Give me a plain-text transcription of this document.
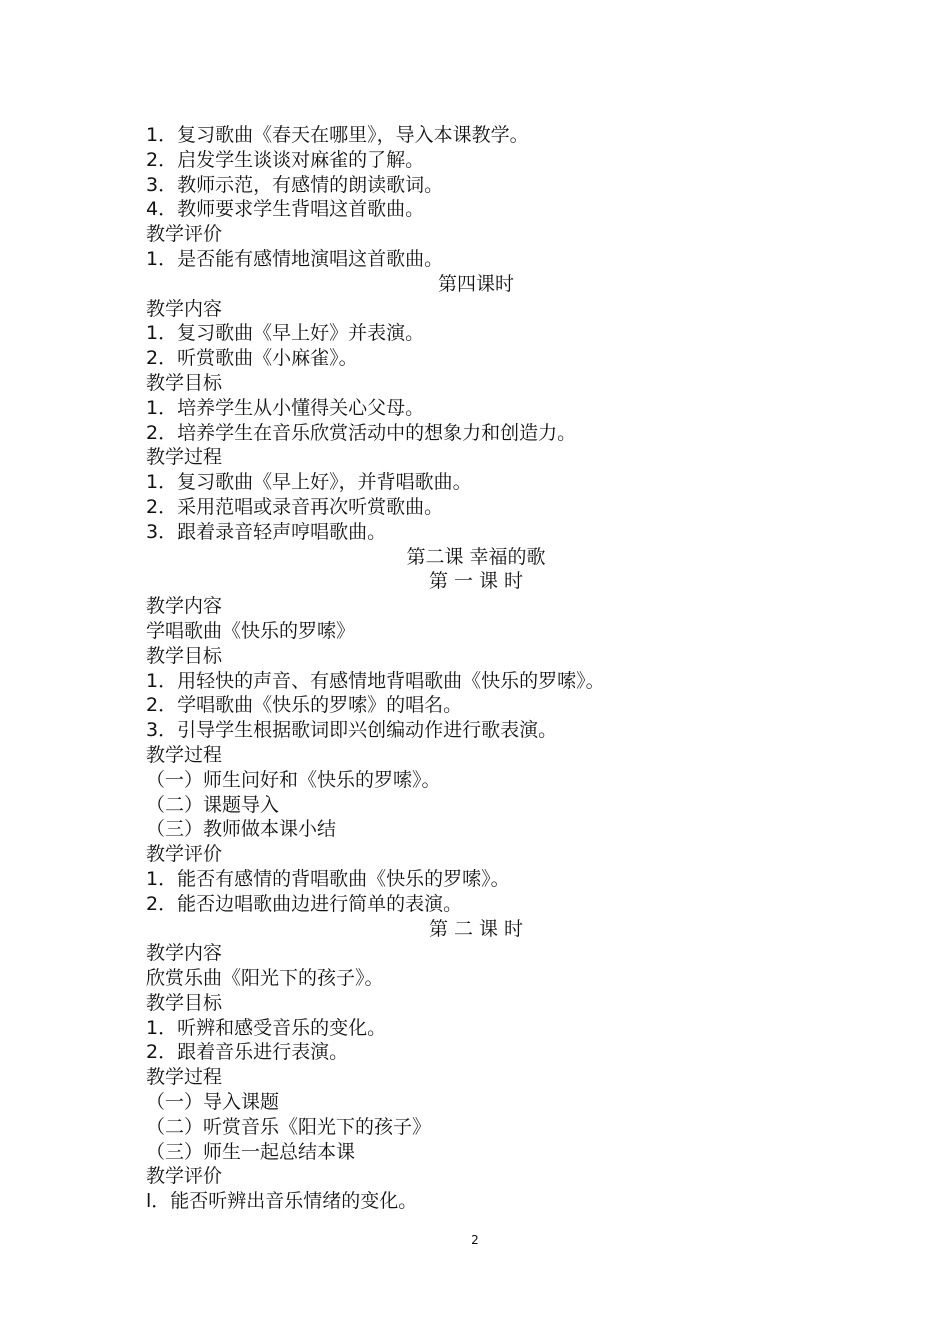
1．复习歌曲《春天在哪里》，导入本课教学。
2．启发学生谈谈对麻雀的了解。
3．教师示范，有感情的朗读歌词。
4．教师要求学生背唱这首歌曲。
教学评价
1．是否能有感情地演唱这首歌曲。
第四课时
教学内容
1．复习歌曲《早上好》并表演。
2．听赏歌曲《小麻雀》。
教学目标
1．培养学生从小懂得关心父母。
2．培养学生在音乐欣赏活动中的想象力和创造力。
教学过程
1．复习歌曲《早上好》，并背唱歌曲。
2．采用范唱或录音再次听赏歌曲。
3．跟着录音轻声哼唱歌曲。
第二课 幸福的歌
第 一 课 时
教学内容
学唱歌曲《快乐的罗嗦》
教学目标
1．用轻快的声音、有感情地背唱歌曲《快乐的罗嗦》。
2．学唱歌曲《快乐的罗嗦》的唱名。
3．引导学生根据歌词即兴创编动作进行歌表演。
教学过程
（一）师生问好和《快乐的罗嗦》。
（二）课题导入
（三）教师做本课小结
教学评价
1．能否有感情的背唱歌曲《快乐的罗嗦》。
2．能否边唱歌曲边进行简单的表演。
第 二 课 时
教学内容
欣赏乐曲《阳光下的孩子》。
教学目标
1．听辨和感受音乐的变化。
2．跟着音乐进行表演。
教学过程
（一）导入课题
（二）听赏音乐《阳光下的孩子》
（三）师生一起总结本课
教学评价
l．能否听辨出音乐情绪的变化。
2
